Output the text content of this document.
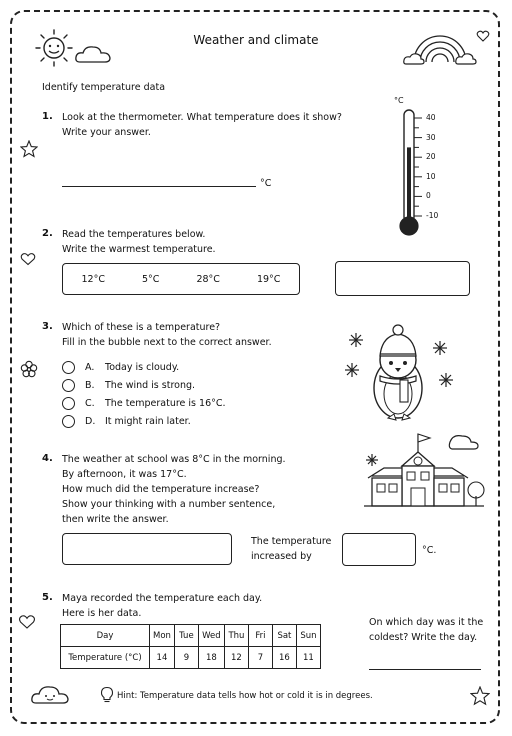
Weather and climate
Identify temperature data
1. Look at the thermometer. What temperature does it show?
Write your answer.
°C
°C
40
30
20
10
0
-10
2. Read the temperatures below.
Write the warmest temperature.
12°C	5°C	28°C	19°C
3. Which of these is a temperature?
Fill in the bubble next to the correct answer.
A.	Today is cloudy.
B.	The wind is strong.
C.	The temperature is 16°C.
D.	It might rain later.
4. The weather at school was 8°C in the morning.
By afternoon, it was 17°C.
How much did the temperature increase?
Show your thinking with a number sentence,
then write the answer.
The temperature
increased by
°C.
5. Maya recorded the temperature each day.
Here is her data.
Day	Mon	Tue	Wed	Thu	Fri	Sat	Sun
Temperature (°C)	14	9	18	12	7	16	11
On which day was it the
coldest? Write the day.
Hint: Temperature data tells how hot or cold it is in degrees.
